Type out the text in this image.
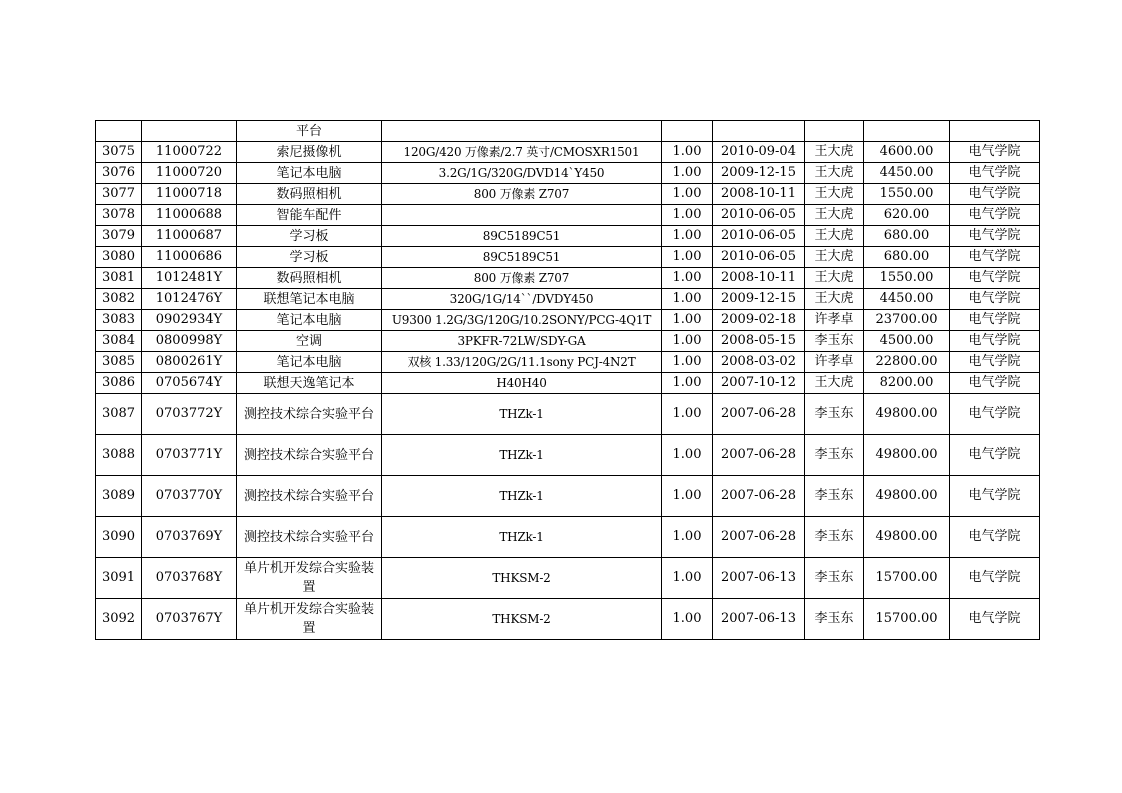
		平台						
3075	11000722	索尼摄像机	120G/420 万像素/2.7 英寸/CMOSXR1501	1.00	2010-09-04	王大虎	4600.00	电气学院
3076	11000720	笔记本电脑	3.2G/1G/320G/DVD14`Y450	1.00	2009-12-15	王大虎	4450.00	电气学院
3077	11000718	数码照相机	800 万像素 Z707	1.00	2008-10-11	王大虎	1550.00	电气学院
3078	11000688	智能车配件		1.00	2010-06-05	王大虎	620.00	电气学院
3079	11000687	学习板	89C5189C51	1.00	2010-06-05	王大虎	680.00	电气学院
3080	11000686	学习板	89C5189C51	1.00	2010-06-05	王大虎	680.00	电气学院
3081	1012481Y	数码照相机	800 万像素 Z707	1.00	2008-10-11	王大虎	1550.00	电气学院
3082	1012476Y	联想笔记本电脑	320G/1G/14``/DVDY450	1.00	2009-12-15	王大虎	4450.00	电气学院
3083	0902934Y	笔记本电脑	U9300 1.2G/3G/120G/10.2SONY/PCG-4Q1T	1.00	2009-02-18	许孝卓	23700.00	电气学院
3084	0800998Y	空调	3PKFR-72LW/SDY-GA	1.00	2008-05-15	李玉东	4500.00	电气学院
3085	0800261Y	笔记本电脑	双核 1.33/120G/2G/11.1sony PCJ-4N2T	1.00	2008-03-02	许孝卓	22800.00	电气学院
3086	0705674Y	联想天逸笔记本	H40H40	1.00	2007-10-12	王大虎	8200.00	电气学院
3087	0703772Y	测控技术综合实验平台	THZk-1	1.00	2007-06-28	李玉东	49800.00	电气学院
3088	0703771Y	测控技术综合实验平台	THZk-1	1.00	2007-06-28	李玉东	49800.00	电气学院
3089	0703770Y	测控技术综合实验平台	THZk-1	1.00	2007-06-28	李玉东	49800.00	电气学院
3090	0703769Y	测控技术综合实验平台	THZk-1	1.00	2007-06-28	李玉东	49800.00	电气学院
3091	0703768Y	单片机开发综合实验装置	THKSM-2	1.00	2007-06-13	李玉东	15700.00	电气学院
3092	0703767Y	单片机开发综合实验装置	THKSM-2	1.00	2007-06-13	李玉东	15700.00	电气学院
